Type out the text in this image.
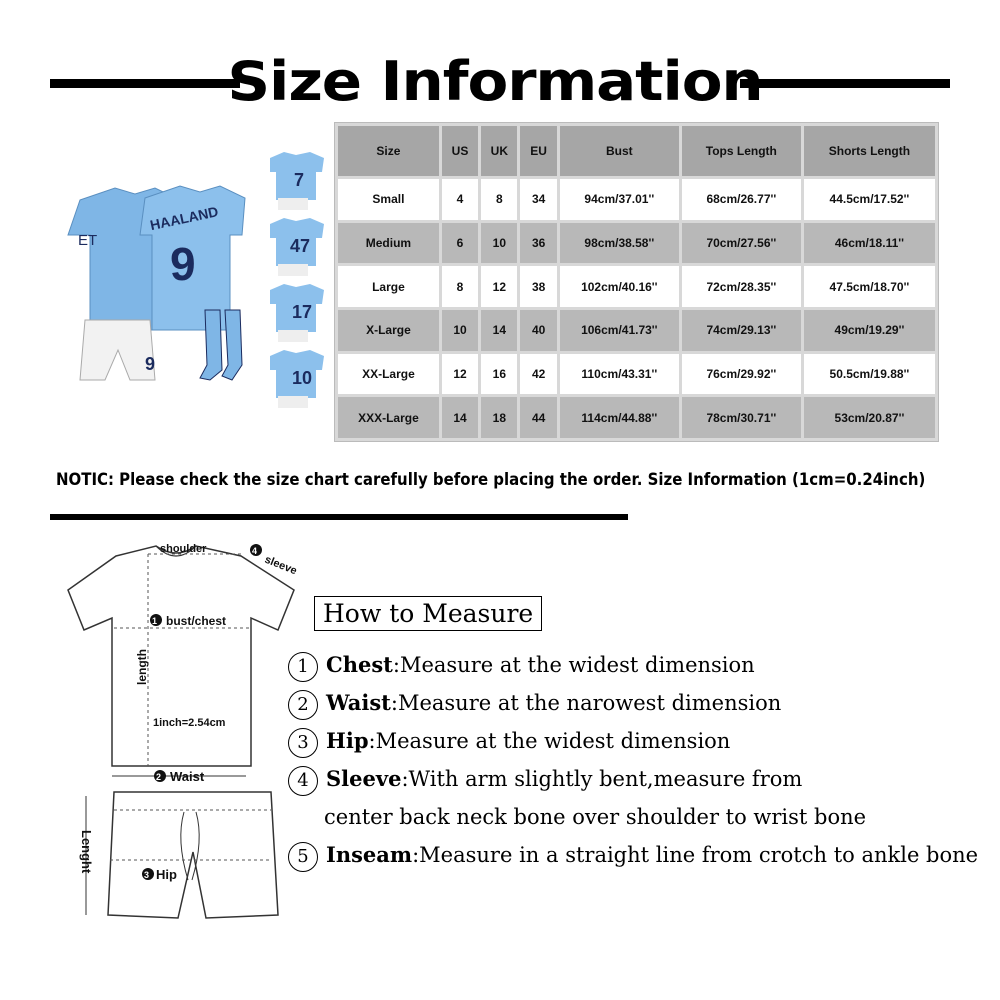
Size Information
ET
HAALAND
9
9
7
47
17
10
Size	US	UK	EU	Bust	Tops Length	Shorts Length
Small	4	8	34	94cm/37.01''	68cm/26.77''	44.5cm/17.52''
Medium	6	10	36	98cm/38.58''	70cm/27.56''	46cm/18.11''
Large	8	12	38	102cm/40.16''	72cm/28.35''	47.5cm/18.70''
X-Large	10	14	40	106cm/41.73''	74cm/29.13''	49cm/19.29''
XX-Large	12	16	42	110cm/43.31''	76cm/29.92''	50.5cm/19.88''
XXX-Large	14	18	44	114cm/44.88''	78cm/30.71''	53cm/20.87''
NOTIC: Please check the size chart carefully before placing the order. Size Information (1cm=0.24inch)
shoulder	4
sleeve
1 bust/chest
length
1inch=2.54cm
2 Waist
3 Hip
Lenght
How to Measure
1 Chest:Measure at the widest dimension
2 Waist:Measure at the narowest dimension
3 Hip:Measure at the widest dimension
4 Sleeve:With arm slightly bent,measure from
center back neck bone over shoulder to wrist bone
5 Inseam:Measure in a straight line from crotch to ankle bone
